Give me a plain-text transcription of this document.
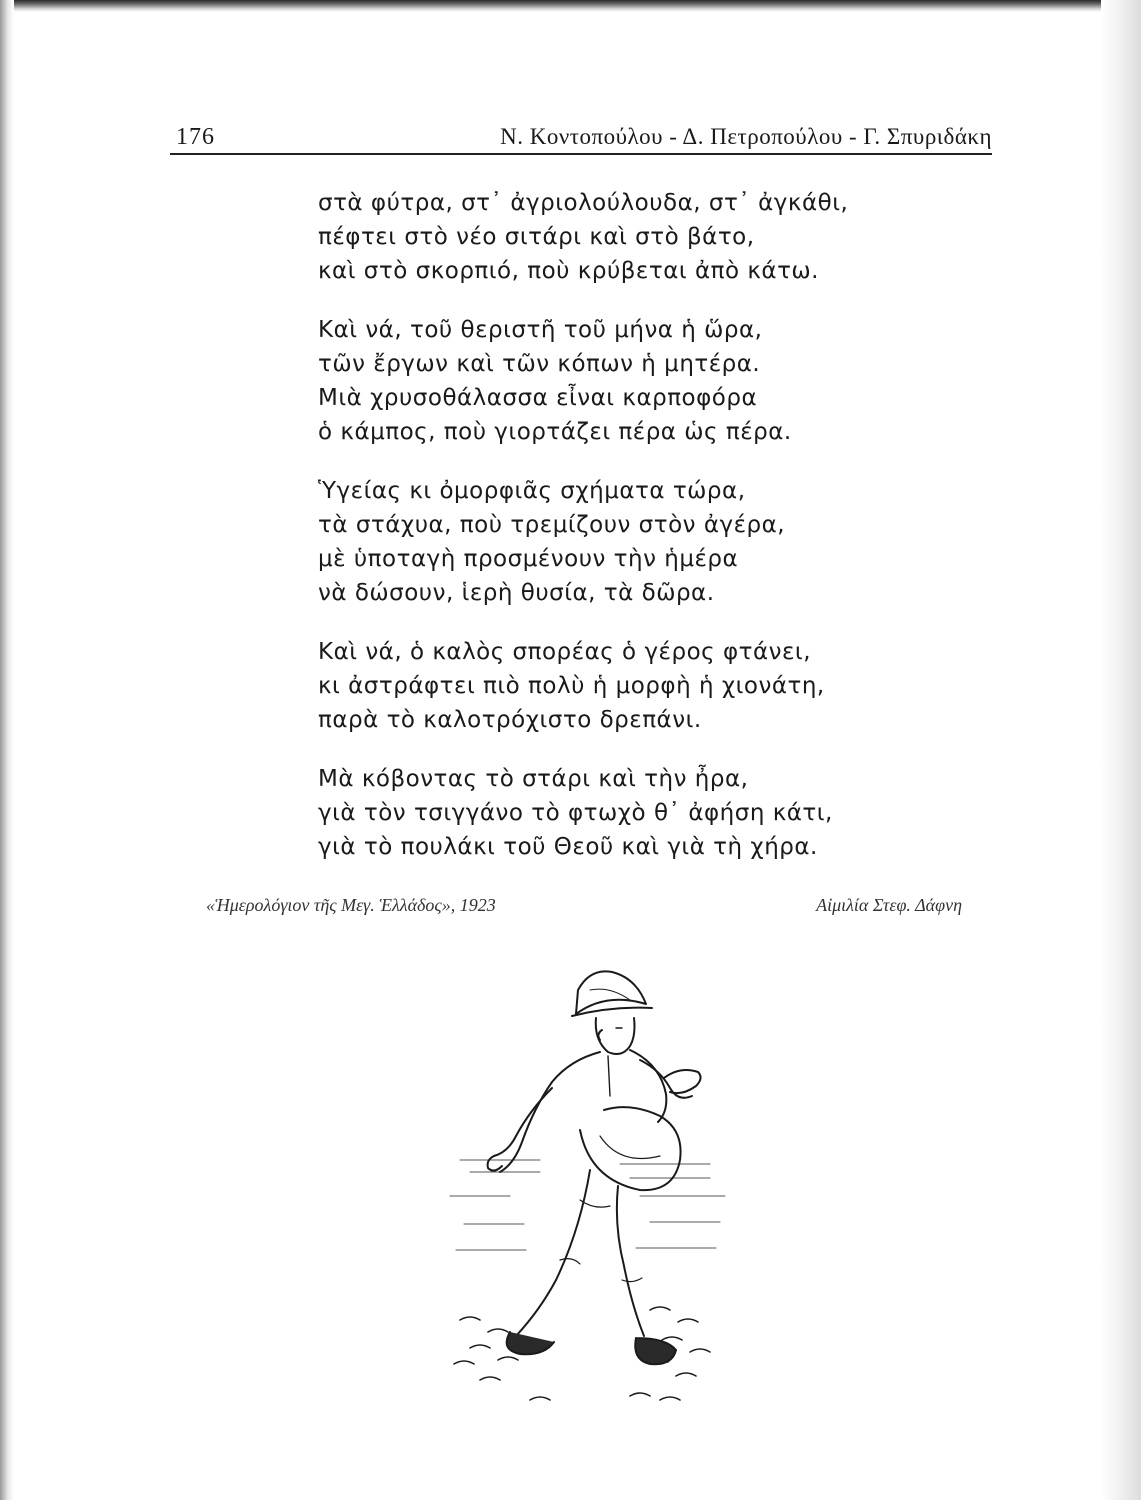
176	Ν. Κοντοπούλου - Δ. Πετροπούλου - Γ. Σπυριδάκη
στὰ φύτρα, στ᾽ ἀγριολούλουδα, στ᾽ ἀγκάθι,
πέφτει στὸ νέο σιτάρι καὶ στὸ βάτο,
καὶ στὸ σκορπιό, ποὺ κρύβεται ἀπὸ κάτω.
Καὶ νά, τοῦ θεριστῆ τοῦ μήνα ἡ ὥρα,
τῶν ἔργων καὶ τῶν κόπων ἡ μητέρα.
Μιὰ χρυσοθάλασσα εἶναι καρποφόρα
ὁ κάμπος, ποὺ γιορτάζει πέρα ὡς πέρα.
Ὑγείας κι ὀμορφιᾶς σχήματα τώρα,
τὰ στάχυα, ποὺ τρεμίζουν στὸν ἀγέρα,
μὲ ὑποταγὴ προσμένουν τὴν ἡμέρα
νὰ δώσουν, ἱερὴ θυσία, τὰ δῶρα.
Καὶ νά, ὁ καλὸς σπορέας ὁ γέρος φτάνει,
κι ἀστράφτει πιὸ πολὺ ἡ μορφὴ ἡ χιονάτη,
παρὰ τὸ καλοτρόχιστο δρεπάνι.
Μὰ κόβοντας τὸ στάρι καὶ τὴν ἦρα,
γιὰ τὸν τσιγγάνο τὸ φτωχὸ θ᾽ ἀφήση κάτι,
γιὰ τὸ πουλάκι τοῦ Θεοῦ καὶ γιὰ τὴ χήρα.
«Ἡμερολόγιον τῆς Μεγ. Ἑλλάδος», 1923	Αἰμιλία Στεφ. Δάφνη
